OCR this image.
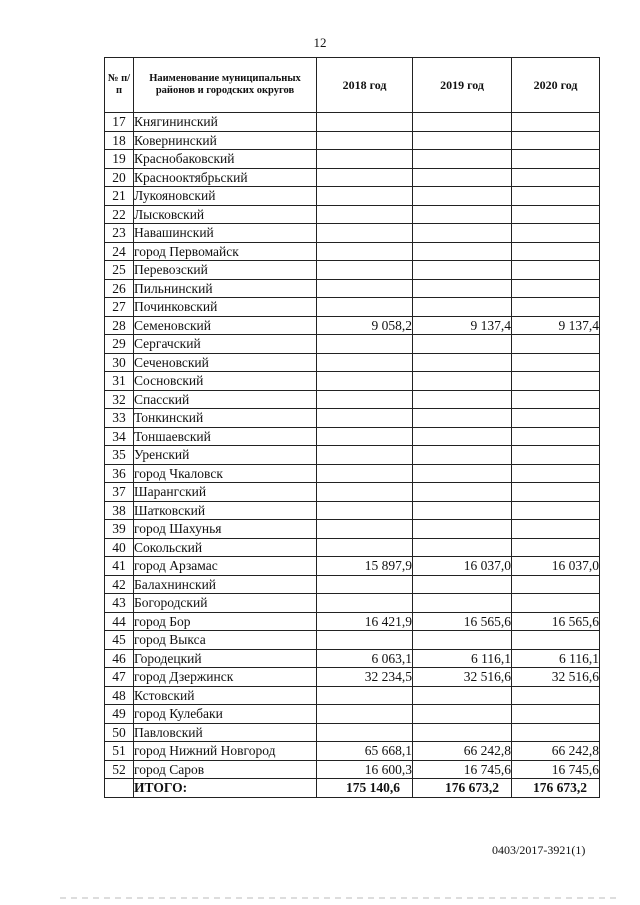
12
№ п/п	Наименование муниципальных районов и городских округов	2018 год	2019 год	2020 год
17	Княгининский			
18	Ковернинский			
19	Краснобаковский			
20	Краснооктябрьский			
21	Лукояновский			
22	Лысковский			
23	Навашинский			
24	город Первомайск			
25	Перевозский			
26	Пильнинский			
27	Починковский			
28	Семеновский	9 058,2	9 137,4	9 137,4
29	Сергачский			
30	Сеченовский			
31	Сосновский			
32	Спасский			
33	Тонкинский			
34	Тоншаевский			
35	Уренский			
36	город Чкаловск			
37	Шарангский			
38	Шатковский			
39	город Шахунья			
40	Сокольский			
41	город Арзамас	15 897,9	16 037,0	16 037,0
42	Балахнинский			
43	Богородский			
44	город Бор	16 421,9	16 565,6	16 565,6
45	город Выкса			
46	Городецкий	6 063,1	6 116,1	6 116,1
47	город Дзержинск	32 234,5	32 516,6	32 516,6
48	Кстовский			
49	город Кулебаки			
50	Павловский			
51	город Нижний Новгород	65 668,1	66 242,8	66 242,8
52	город Саров	16 600,3	16 745,6	16 745,6
	ИТОГО:	175 140,6	176 673,2	176 673,2
0403/2017-3921(1)
